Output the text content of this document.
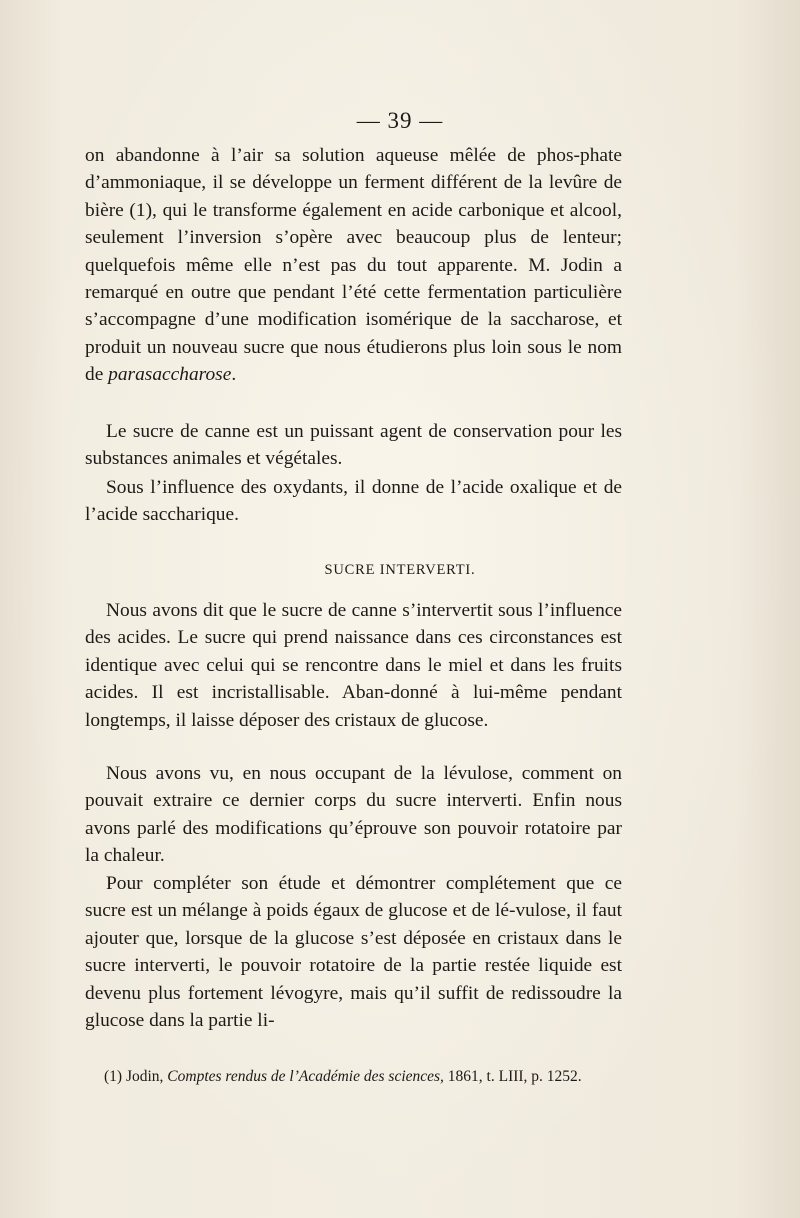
— 39 —

on abandonne à l’air sa solution aqueuse mêlée de phos-phate d’ammoniaque, il se développe un ferment différent de la levûre de bière (1), qui le transforme également en acide carbonique et alcool, seulement l’inversion s’opère avec beaucoup plus de lenteur; quelquefois même elle n’est pas du tout apparente. M. Jodin a remarqué en outre que pendant l’été cette fermentation particulière s’accompagne d’une modification isomérique de la saccharose, et produit un nouveau sucre que nous étudierons plus loin sous le nom de parasaccharose.

Le sucre de canne est un puissant agent de conservation pour les substances animales et végétales.

Sous l’influence des oxydants, il donne de l’acide oxalique et de l’acide saccharique.

SUCRE INTERVERTI.

Nous avons dit que le sucre de canne s’intervertit sous l’influence des acides. Le sucre qui prend naissance dans ces circonstances est identique avec celui qui se rencontre dans le miel et dans les fruits acides. Il est incristallisable. Aban-donné à lui-même pendant longtemps, il laisse déposer des cristaux de glucose.

Nous avons vu, en nous occupant de la lévulose, comment on pouvait extraire ce dernier corps du sucre interverti. Enfin nous avons parlé des modifications qu’éprouve son pouvoir rotatoire par la chaleur.

Pour compléter son étude et démontrer complétement que ce sucre est un mélange à poids égaux de glucose et de lé-vulose, il faut ajouter que, lorsque de la glucose s’est déposée en cristaux dans le sucre interverti, le pouvoir rotatoire de la partie restée liquide est devenu plus fortement lévogyre, mais qu’il suffit de redissoudre la glucose dans la partie li-

(1) Jodin, Comptes rendus de l’Académie des sciences, 1861, t. LIII, p. 1252.
